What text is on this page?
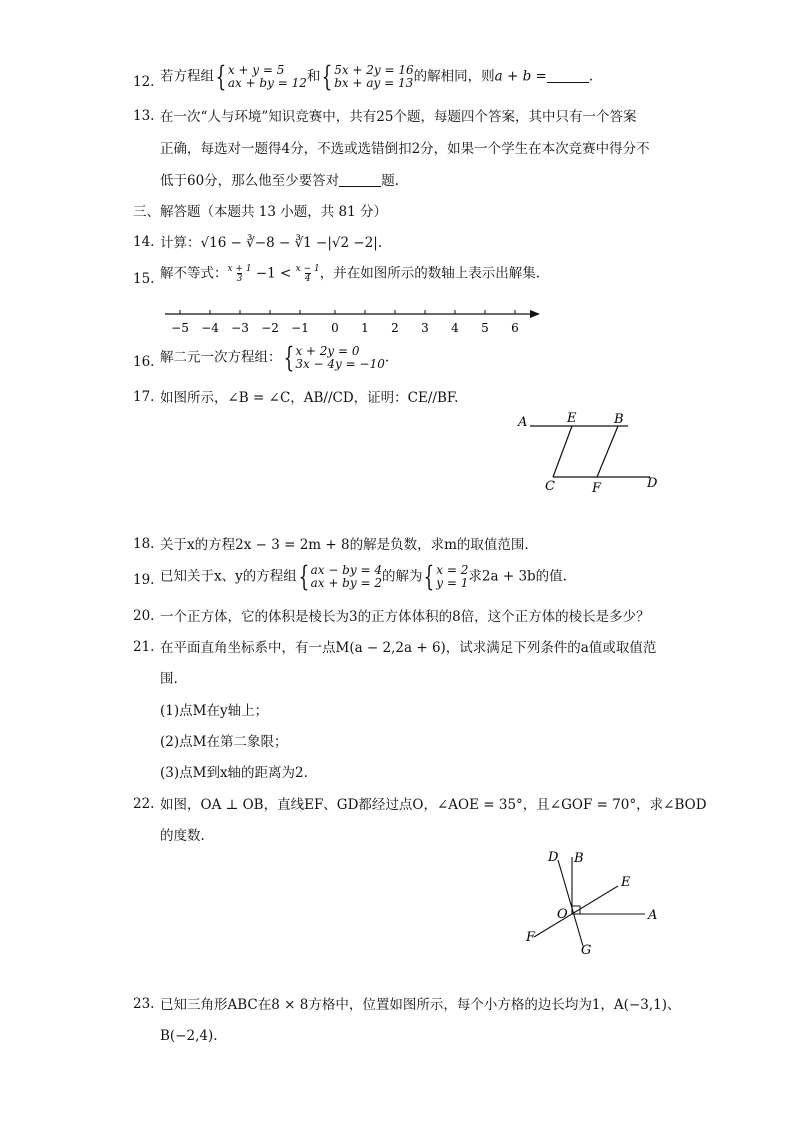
12. 若方程组{ x + y = 5
ax + by = 12和{ 5x + 2y = 16
bx + ay = 13的解相同，则a + b =	.
13. 在一次“人与环境”知识竞赛中，共有25个题，每题四个答案，其中只有一个答案
正确，每选对一题得4分，不选或选错倒扣2分，如果一个学生在本次竞赛中得分不
低于60分，那么他至少要答对	题.
三、解答题（本题共 13 小题，共 81 分）
14. 计算：√16 − ∛−8 − ∛1 −|√2 −2|.
15. 解不等式：$\frac{x + 1}{3} -1 < \frac{x - 1}{4}$，并在如图所示的数轴上表示出解集.
−5 −4 −3 −2 −1 0 1 2 3 4 5 6
16. 解二元一次方程组：{ x + 2y = 0
3x − 4y = −10.
17. 如图所示，∠B = ∠C，AB//CD，证明：CE//BF.
A	E	B
C	F	D
18. 关于x的方程2x − 3 = 2m + 8的解是负数，求m的取值范围.
19. 已知关于x、y的方程组{ ax − by = 4
ax + by = 2的解为{ x = 2
y = 1求2a + 3b的值.
20. 一个正方体，它的体积是棱长为3的正方体体积的8倍，这个正方体的棱长是多少？
21. 在平面直角坐标系中，有一点M(a − 2,2a + 6)，试求满足下列条件的a值或取值范
围.
(1)点M在y轴上；
(2)点M在第二象限；
(3)点M到x轴的距离为2.
22. 如图，OA ⊥ OB，直线EF、GD都经过点O，∠AOE = 35°，且∠GOF = 70°，求∠BOD
的度数.
D B
E
O	A
F
G
23. 已知三角形ABC在8 × 8方格中，位置如图所示，每个小方格的边长均为1，A(−3,1)、
B(−2,4).
